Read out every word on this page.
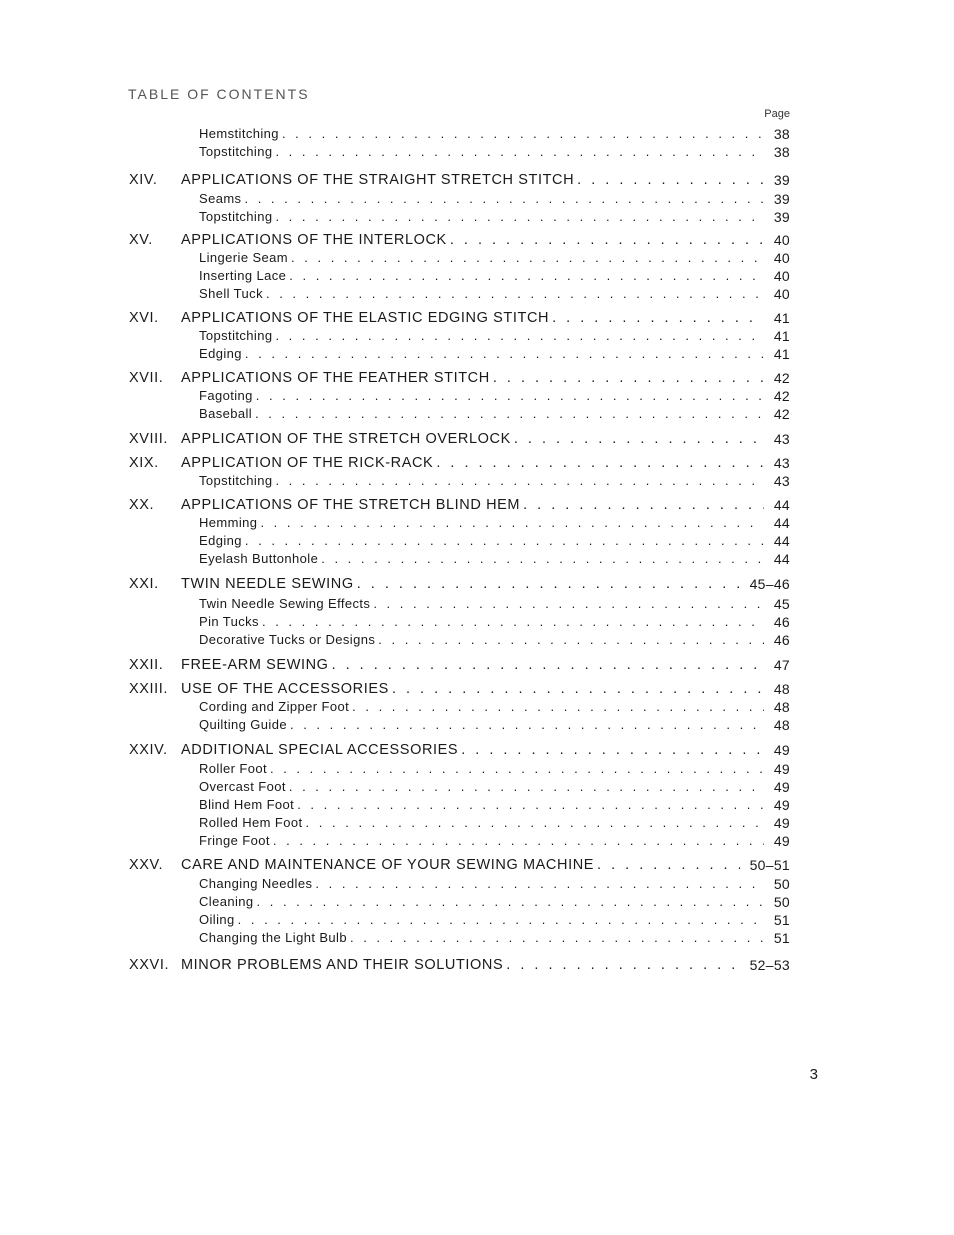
TABLE OF CONTENTS
Page
Hemstitching . . .	38
Topstitching . . .	38
XIV.	APPLICATIONS OF THE STRAIGHT STRETCH STITCH . . .	39
Seams . . .	39
Topstitching . . .	39
XV.	APPLICATIONS OF THE INTERLOCK . . .	40
Lingerie Seam . . .	40
Inserting Lace . . .	40
Shell Tuck . . .	40
XVI.	APPLICATIONS OF THE ELASTIC EDGING STITCH . . .	41
Topstitching . . .	41
Edging . . .	41
XVII.	APPLICATIONS OF THE FEATHER STITCH . . .	42
Fagoting . . .	42
Baseball . . .	42
XVIII. APPLICATION OF THE STRETCH OVERLOCK . . .	43
XIX.	APPLICATION OF THE RICK-RACK . . .	43
Topstitching . . .	43
XX.	APPLICATIONS OF THE STRETCH BLIND HEM . . .	44
Hemming . . .	44
Edging . . .	44
Eyelash Buttonhole . . .	44
XXI.	TWIN NEEDLE SEWING . . .	45–46
Twin Needle Sewing Effects . . .	45
Pin Tucks . . .	46
Decorative Tucks or Designs . . .	46
XXII.	FREE-ARM SEWING . . .	47
XXIII. USE OF THE ACCESSORIES . . .	48
Cording and Zipper Foot . . .	48
Quilting Guide . . .	48
XXIV. ADDITIONAL SPECIAL ACCESSORIES . . .	49
Roller Foot . . .	49
Overcast Foot . . .	49
Blind Hem Foot . . .	49
Rolled Hem Foot . . .	49
Fringe Foot . . .	49
XXV.	CARE AND MAINTENANCE OF YOUR SEWING MACHINE . . .	50–51
Changing Needles . . .	50
Cleaning . . .	50
Oiling . . .	51
Changing the Light Bulb . . .	51
XXVI. MINOR PROBLEMS AND THEIR SOLUTIONS . . .	52–53
3
